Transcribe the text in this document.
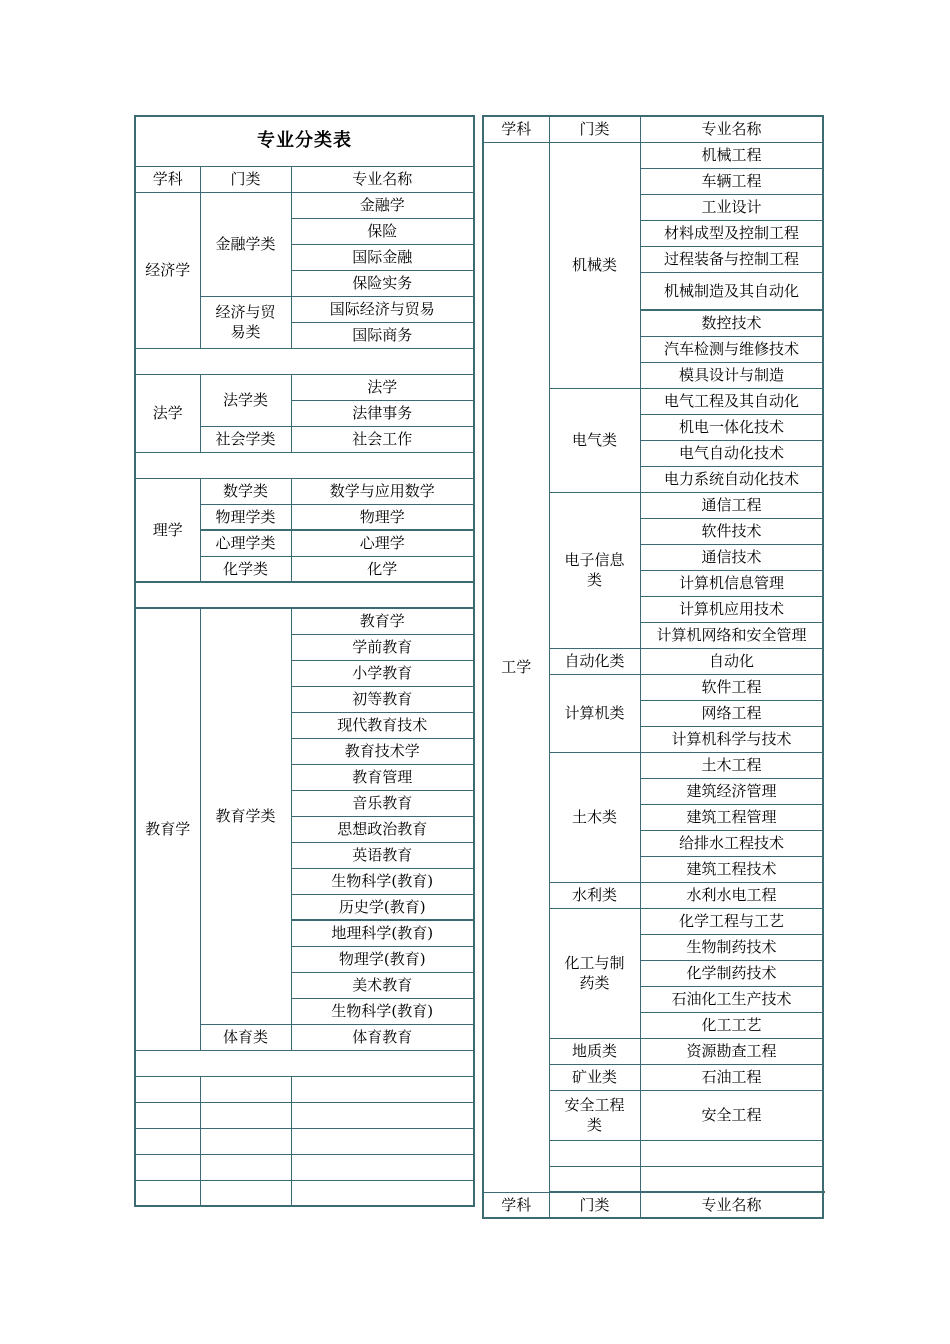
专业分类表		
学科	门类	专业名称
经济学	金融学类	金融学
		保险
		国际金融
		保险实务
	经济与贸易类	国际经济与贸易
		国际商务

法学	法学类	法学
		法律事务
	社会学类	社会工作

理学	数学类	数学与应用数学
	物理学类	物理学
	心理学类	心理学
	化学类	化学

教育学	教育学类	教育学
		学前教育
		小学教育
		初等教育
		现代教育技术
		教育技术学
		教育管理
		音乐教育
		思想政治教育
		英语教育
		生物科学(教育)
		历史学(教育)
		地理科学(教育)
		物理学(教育)
		美术教育
		生物科学(教育)
	体育类	体育教育

学科	门类	专业名称	
工学	机械类	机械工程	
		车辆工程	
		工业设计	
		材料成型及控制工程	
		过程装备与控制工程	
		机械制造及其自动化	
		数控技术	
		汽车检测与维修技术	
		模具设计与制造	
	电气类	电气工程及其自动化	
		机电一体化技术	
		电气自动化技术	
		电力系统自动化技术	
	电子信息类	通信工程	
		软件技术	
		通信技术	
		计算机信息管理	
		计算机应用技术	
		计算机网络和安全管理	
	自动化类	自动化	
	计算机类	软件工程	
		网络工程	
		计算机科学与技术	
	土木类	土木工程	
		建筑经济管理	
		建筑工程管理	
		给排水工程技术	
		建筑工程技术	
	水利类	水利水电工程	
	化工与制药类	化学工程与工艺	
		生物制药技术	
		化学制药技术	
		石油化工生产技术	
		化工工艺	
	地质类	资源勘查工程	
	矿业类	石油工程	
	安全工程类	安全工程	

学科	门类	专业名称	
